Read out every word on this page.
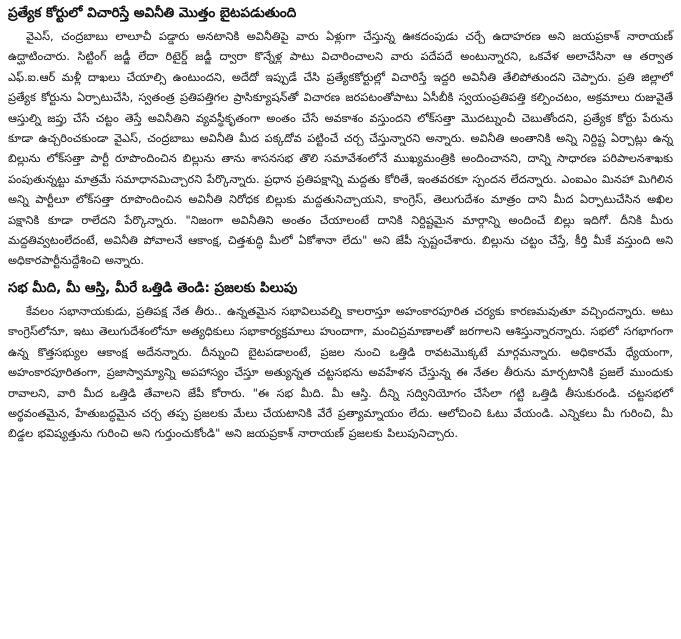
ప్రత్యేక కోర్టులో విచారిస్తే అవినీతి మొత్తం బైటపడుతుంది

వైఎస్, చంద్రబాబు లాలూచీ పడ్డారు అనటానికి అవినీతిపై వారు ఏళ్లుగా చేస్తున్న ఊకదంపుడు చర్చే ఉదాహరణ అని జయప్రకాశ్ నారాయణ్ ఉద్ఘాటించారు. సిట్టింగ్ జడ్జీ లేదా రిటైర్డ్ జడ్జీ ద్వారా కొన్నేళ్ల పాటు విచారించాలని వారు పదేపదే అంటున్నారని, ఒకవేళ అలాచేసినా ఆ తర్వాత ఎఫ్.ఐ.ఆర్ మళ్లీ దాఖలు చేయాల్సి ఉంటుందని, అదేదో ఇప్పుడే చేసి ప్రత్యేకకోర్టుల్లో విచారిస్తే ఇద్దరి అవినీతి తేలిపోతుందని చెప్పారు. ప్రతి జిల్లాలో ప్రత్యేక కోర్టును ఏర్పాటుచేసి, స్వతంత్ర ప్రతిపత్తిగల ప్రాసిక్యూషన్‌తో విచారణ జరపటంతోపాటు ఏసీబీకి స్వయంప్రతిపత్తి కల్పించటం, అక్రమాలు రుజువైతే ఆస్తుల్ని జప్తు చేసే చట్టం తెస్తే అవినీతిని వ్యవస్థీకృతంగా అంతం చేసే అవకాశం వస్తుందని లోక్‌సత్తా మొదట్నుంచీ చెబుతోందని, ప్రత్యేక కోర్టు పేరును కూడా ఉచ్చరించకుండా వైఎస్, చంద్రబాబు అవినీతి మీద పక్కదోవ పట్టించే చర్చ చేస్తున్నారని అన్నారు. అవినీతి అంతానికి అన్ని నిర్దిష్ట ఏర్పాట్లు ఉన్న బిల్లును లోక్‌సత్తా పార్టీ రూపొందించిన బిల్లును తాను శాసనసభ తొలి సమావేశంలోనే ముఖ్యమంత్రికి అందించానని, దాన్ని సాధారణ పరిపాలనశాఖకు పంపుతున్నట్టు మాత్రమే సమాధానమిచ్చారని పేర్కొన్నారు. ప్రధాన ప్రతిపక్షాన్ని మద్దతు కోరితే, ఇంతవరకూ స్పందన లేదన్నారు. ఎంఐఎం మినహా మిగిలిన అన్ని పార్టీలూ లోక్‌సత్తా రూపొందించిన అవినీతి నిరోధక బిల్లుకు మద్దతునిచ్చాయని, కాంగ్రెస్, తెలుగుదేశం మాత్రం దాని మీద ఏర్పాటుచేసిన అఖిల పక్షానికి కూడా రాలేదని పేర్కొన్నారు. "నిజంగా అవినీతిని అంతం చేయాలంటే దానికి నిర్దిష్టమైన మార్గాన్ని అందించే బిల్లు ఇదిగో. దీనికి మీరు మద్దతివ్వటంలేదంటే, అవినీతి పోవాలనే ఆకాంక్ష, చిత్తశుద్ధి మీలో ఏకోశానా లేదు" అని జేపీ స్పష్టంచేశారు. బిల్లును చట్టం చేస్తే, కీర్తి మీకే వస్తుంది అని అధికారపార్టీనుద్దేశించి అన్నారు.

సభ మీది, మీ ఆస్తి, మీరే ఒత్తిడి తెండి: ప్రజలకు పిలుపు

కేవలం సభానాయకుడు, ప్రతిపక్ష నేత తీరు.. ఉన్నతమైన సభావిలువల్ని కాలరాస్తూ అహంకారపూరిత చర్యకు కారణమవుతూ వచ్చిందన్నారు. అటు కాంగ్రెస్‌లోనూ, ఇటు తెలుగుదేశంలోనూ అత్యధికులు సభాకార్యక్రమాలు హుందాగా, మంచిప్రమాణాలతో జరగాలని ఆశిస్తున్నారన్నారు. సభలో సగభాగంగా ఉన్న కొత్తసభ్యుల ఆకాంక్ష అదేనన్నారు. దీన్నుంచి బైటపడాలంటే, ప్రజల నుంచి ఒత్తిడి రావటమొక్కటే మార్గమన్నారు. అధికారమే ధ్యేయంగా, అహంకారపూరితంగా, ప్రజాస్వామ్యాన్ని అపహాస్యం చేస్తూ అత్యున్నత చట్టసభను అవహేళన చేస్తున్న ఈ నేతల తీరును మార్చటానికి ప్రజలే ముందుకు రావాలని, వారి మీద ఒత్తిడి తేవాలని జేపీ కోరారు. "ఈ సభ మీది. మీ ఆస్తి. దీన్ని సద్వినియోగం చేసేలా గట్టి ఒత్తిడి తీసుకురండి. చట్టసభలో అర్థవంతమైన, హేతుబద్ధమైన చర్చ తప్ప ప్రజలకు మేలు చేయటానికి వేరే ప్రత్యామ్నాయం లేదు. ఆలోచించి ఓటు వేయండి. ఎన్నికలు మీ గురించి, మీ బిడ్డల భవిష్యత్తును గురించి అని గుర్తుంచుకోండి" అని జయప్రకాశ్ నారాయణ్ ప్రజలకు పిలుపునిచ్చారు.
